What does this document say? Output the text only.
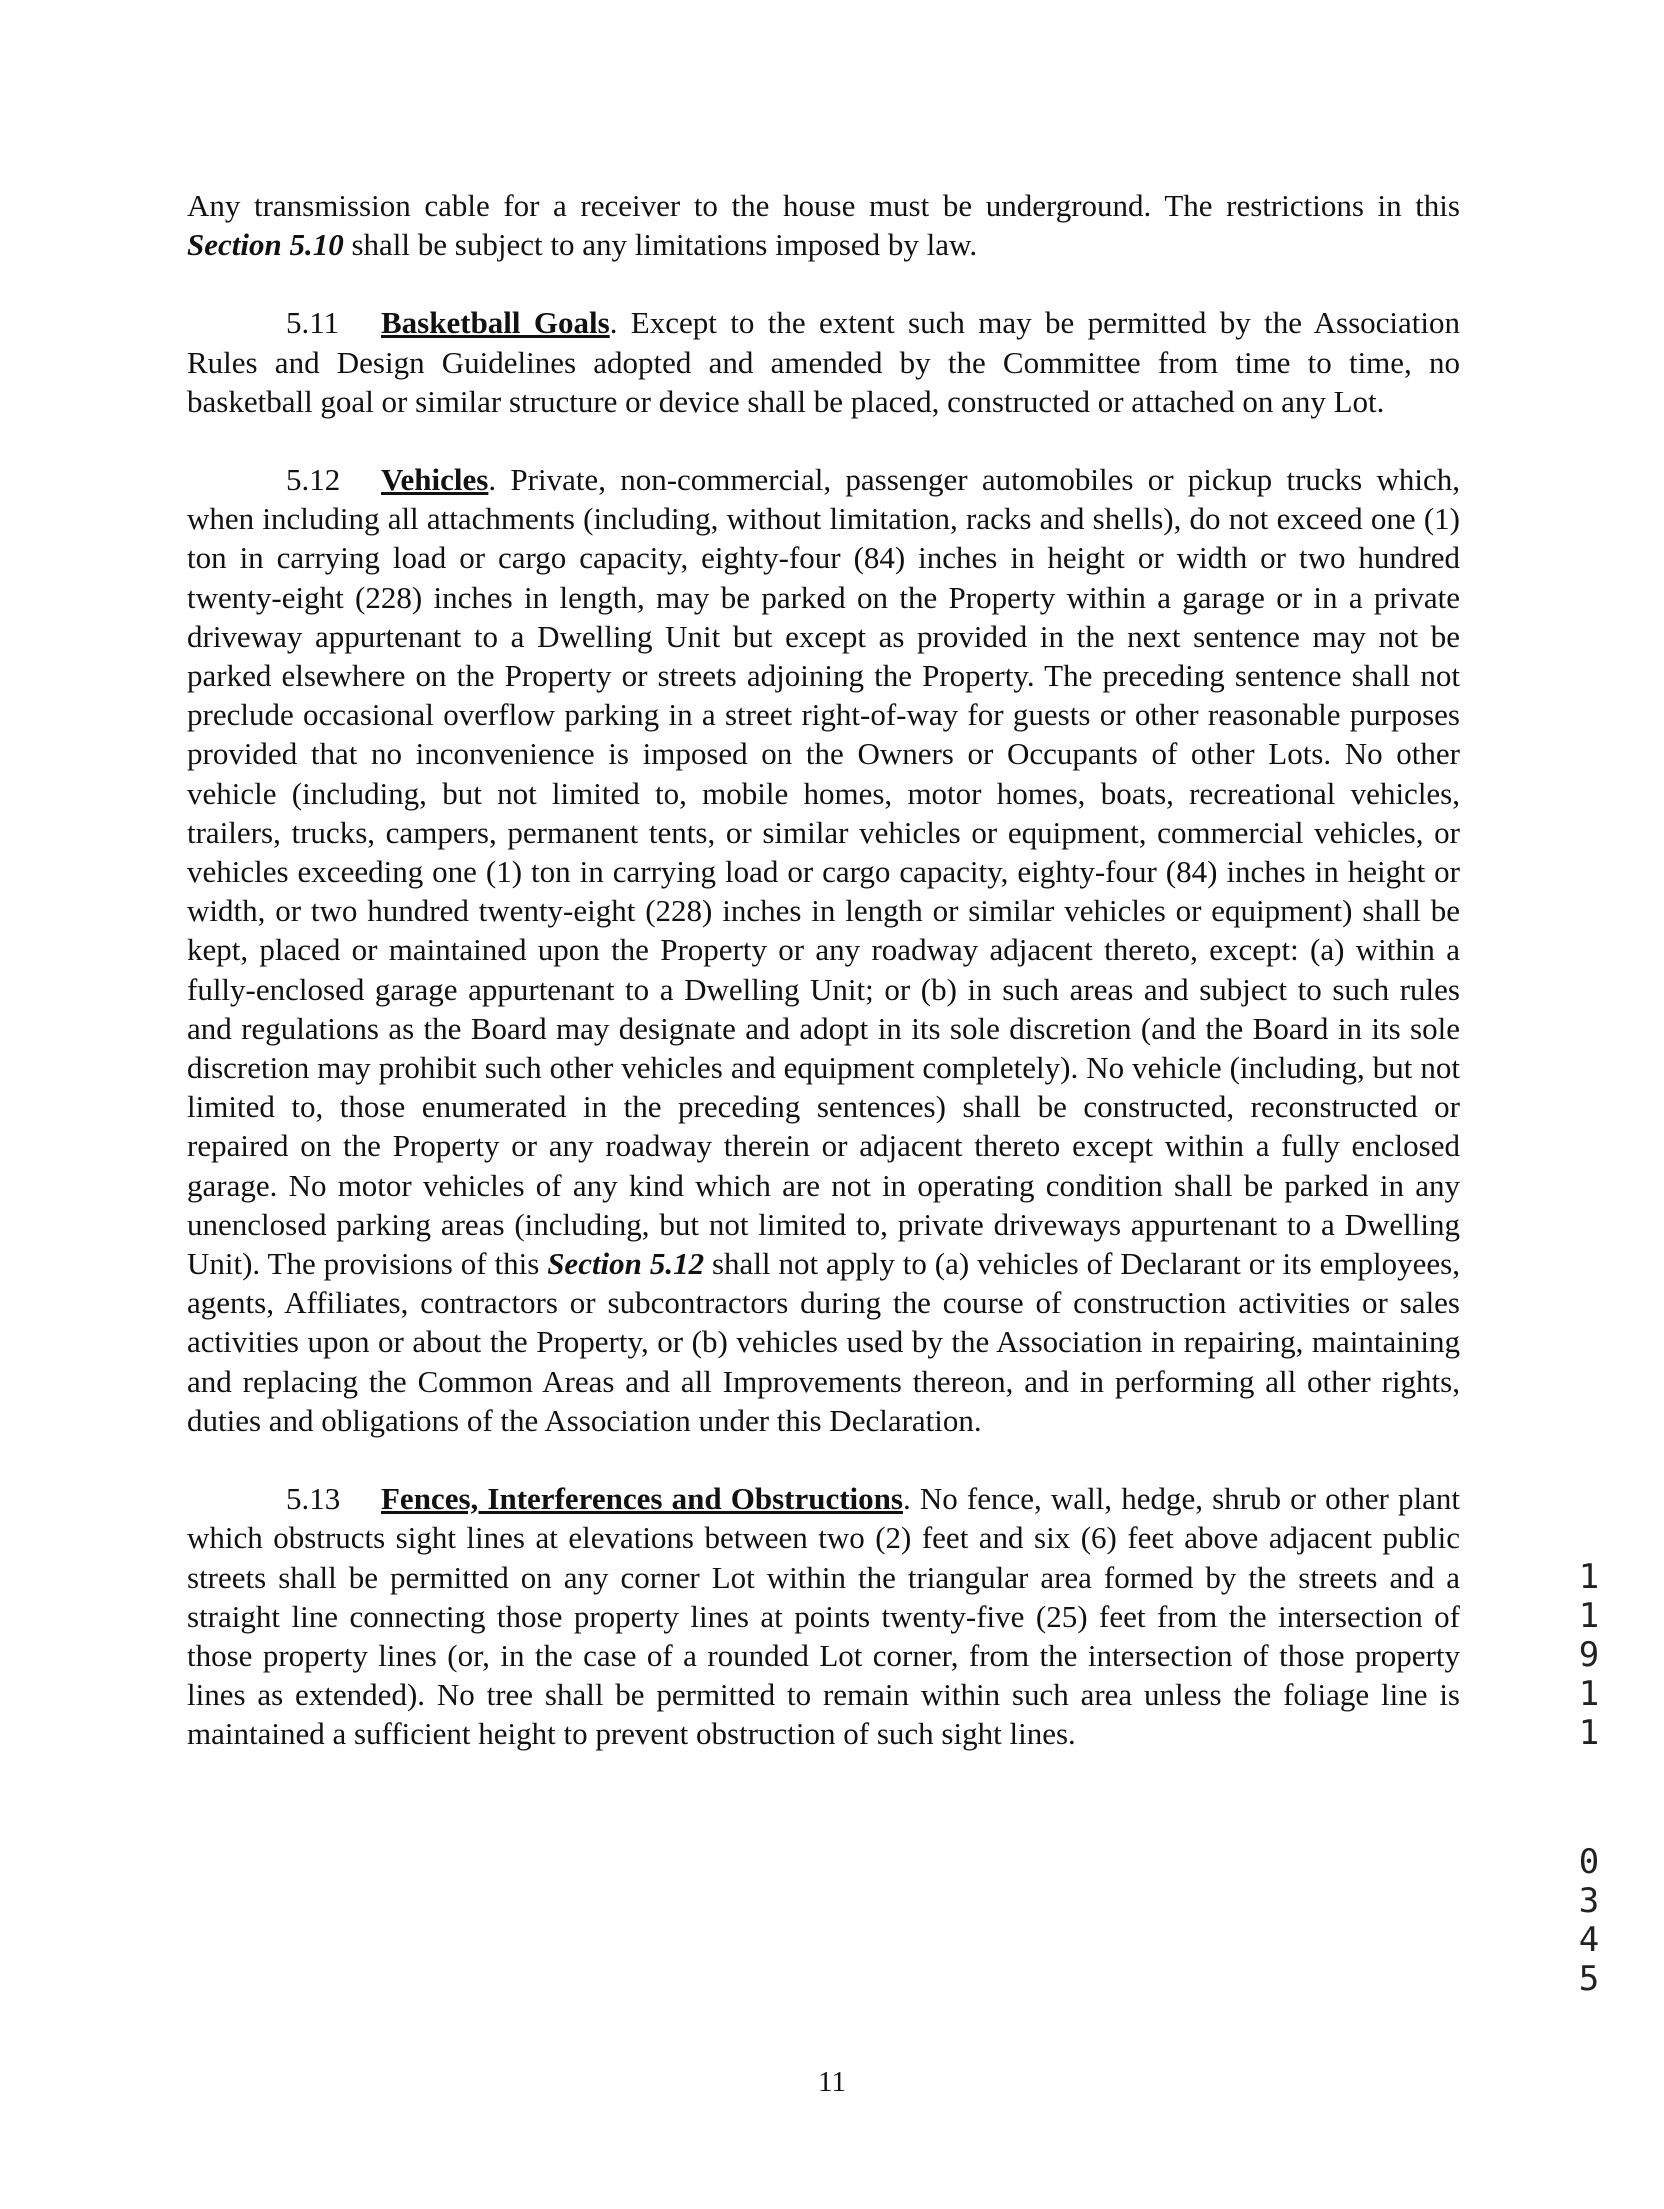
Any transmission cable for a receiver to the house must be underground. The restrictions in this Section 5.10 shall be subject to any limitations imposed by law.

5.11 Basketball Goals. Except to the extent such may be permitted by the Association Rules and Design Guidelines adopted and amended by the Committee from time to time, no basketball goal or similar structure or device shall be placed, constructed or attached on any Lot.

5.12 Vehicles. Private, non-commercial, passenger automobiles or pickup trucks which, when including all attachments (including, without limitation, racks and shells), do not exceed one (1) ton in carrying load or cargo capacity, eighty-four (84) inches in height or width or two hundred twenty-eight (228) inches in length, may be parked on the Property within a garage or in a private driveway appurtenant to a Dwelling Unit but except as provided in the next sentence may not be parked elsewhere on the Property or streets adjoining the Property. The preceding sentence shall not preclude occasional overflow parking in a street right-of-way for guests or other reasonable purposes provided that no inconvenience is imposed on the Owners or Occupants of other Lots. No other vehicle (including, but not limited to, mobile homes, motor homes, boats, recreational vehicles, trailers, trucks, campers, permanent tents, or similar vehicles or equipment, commercial vehicles, or vehicles exceeding one (1) ton in carrying load or cargo capacity, eighty-four (84) inches in height or width, or two hundred twenty-eight (228) inches in length or similar vehicles or equipment) shall be kept, placed or maintained upon the Property or any roadway adjacent thereto, except: (a) within a fully-enclosed garage appurtenant to a Dwelling Unit; or (b) in such areas and subject to such rules and regulations as the Board may designate and adopt in its sole discretion (and the Board in its sole discretion may prohibit such other vehicles and equipment completely). No vehicle (including, but not limited to, those enumerated in the preceding sentences) shall be constructed, reconstructed or repaired on the Property or any roadway therein or adjacent thereto except within a fully enclosed garage. No motor vehicles of any kind which are not in operating condition shall be parked in any unenclosed parking areas (including, but not limited to, private driveways appurtenant to a Dwelling Unit). The provisions of this Section 5.12 shall not apply to (a) vehicles of Declarant or its employees, agents, Affiliates, contractors or subcontractors during the course of construction activities or sales activities upon or about the Property, or (b) vehicles used by the Association in repairing, maintaining and replacing the Common Areas and all Improvements thereon, and in performing all other rights, duties and obligations of the Association under this Declaration.

5.13 Fences, Interferences and Obstructions. No fence, wall, hedge, shrub or other plant which obstructs sight lines at elevations between two (2) feet and six (6) feet above adjacent public streets shall be permitted on any corner Lot within the triangular area formed by the streets and a straight line connecting those property lines at points twenty-five (25) feet from the intersection of those property lines (or, in the case of a rounded Lot corner, from the intersection of those property lines as extended). No tree shall be permitted to remain within such area unless the foliage line is maintained a sufficient height to prevent obstruction of such sight lines.

1
1
9
1
1
0
3
4
5
11
